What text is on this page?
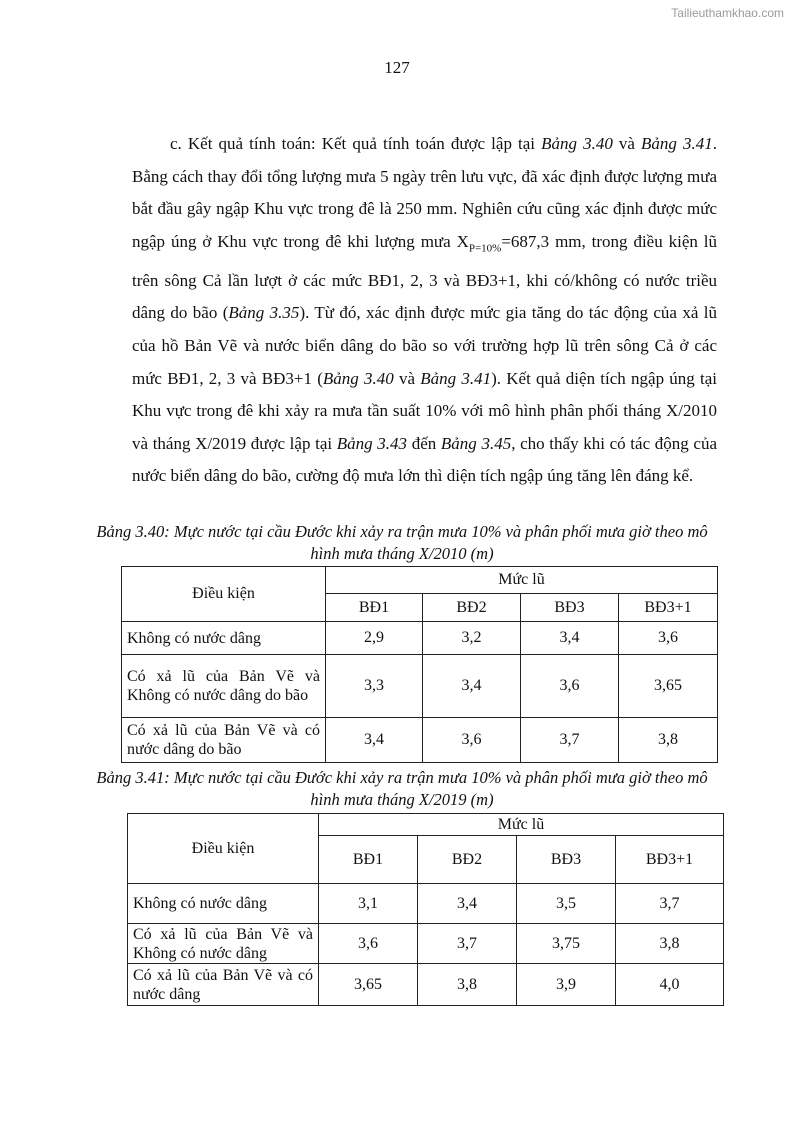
Tailieuthamkhao.com
127

c. Kết quả tính toán: Kết quả tính toán được lập tại Bảng 3.40 và Bảng 3.41. Bằng cách thay đổi tổng lượng mưa 5 ngày trên lưu vực, đã xác định được lượng mưa bắt đầu gây ngập Khu vực trong đê là 250 mm. Nghiên cứu cũng xác định được mức ngập úng ở Khu vực trong đê khi lượng mưa $X_{P=10\%}=687,3$ mm, trong điều kiện lũ trên sông Cả lần lượt ở các mức BĐ1, 2, 3 và BĐ3+1, khi có/không có nước triều dâng do bão (Bảng 3.35). Từ đó, xác định được mức gia tăng do tác động của xả lũ của hồ Bản Vẽ và nước biển dâng do bão so với trường hợp lũ trên sông Cả ở các mức BĐ1, 2, 3 và BĐ3+1 (Bảng 3.40 và Bảng 3.41). Kết quả diện tích ngập úng tại Khu vực trong đê khi xảy ra mưa tần suất 10% với mô hình phân phối tháng X/2010 và tháng X/2019 được lập tại Bảng 3.43 đến Bảng 3.45, cho thấy khi có tác động của nước biển dâng do bão, cường độ mưa lớn thì diện tích ngập úng tăng lên đáng kể.

Bảng 3.40: Mực nước tại cầu Đước khi xảy ra trận mưa 10% và phân phối mưa giờ theo mô hình mưa tháng X/2010 (m)
Điều kiện	Mức lũ			
	BĐ1	BĐ2	BĐ3	BĐ3+1
Không có nước dâng	2,9	3,2	3,4	3,6
Có xả lũ của Bản Vẽ và Không có nước dâng do bão	3,3	3,4	3,6	3,65
Có xả lũ của Bản Vẽ và có nước dâng do bão	3,4	3,6	3,7	3,8
Bảng 3.41: Mực nước tại cầu Đước khi xảy ra trận mưa 10% và phân phối mưa giờ theo mô hình mưa tháng X/2019 (m)
Điều kiện	Mức lũ			
	BĐ1	BĐ2	BĐ3	BĐ3+1
Không có nước dâng	3,1	3,4	3,5	3,7
Có xả lũ của Bản Vẽ và Không có nước dâng	3,6	3,7	3,75	3,8
Có xả lũ của Bản Vẽ và có nước dâng	3,65	3,8	3,9	4,0
